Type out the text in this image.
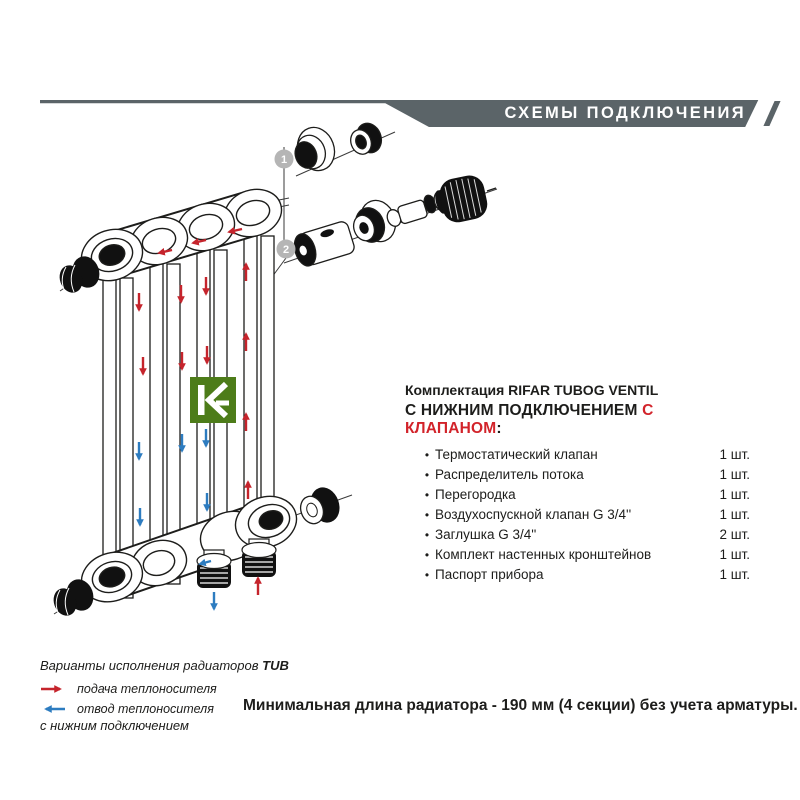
СХЕМЫ ПОДКЛЮЧЕНИЯ
1
2
Комплектация RIFAR TUBOG VENTIL
С НИЖНИМ ПОДКЛЮЧЕНИЕМ С КЛАПАНОМ:
• Термостатический клапан	1 шт.
• Распределитель потока	1 шт.
• Перегородка	1 шт.
• Воздухоспускной клапан G 3/4''	1 шт.
• Заглушка G 3/4''	2 шт.
• Комплект настенных кронштейнов	1 шт.
• Паспорт прибора	1 шт.

Варианты исполнения радиаторов TUB

с нижним подключением

подача теплоносителя
отвод теплоносителя Минимальная длина радиатора - 190 мм (4 секции) без учета арматуры.
